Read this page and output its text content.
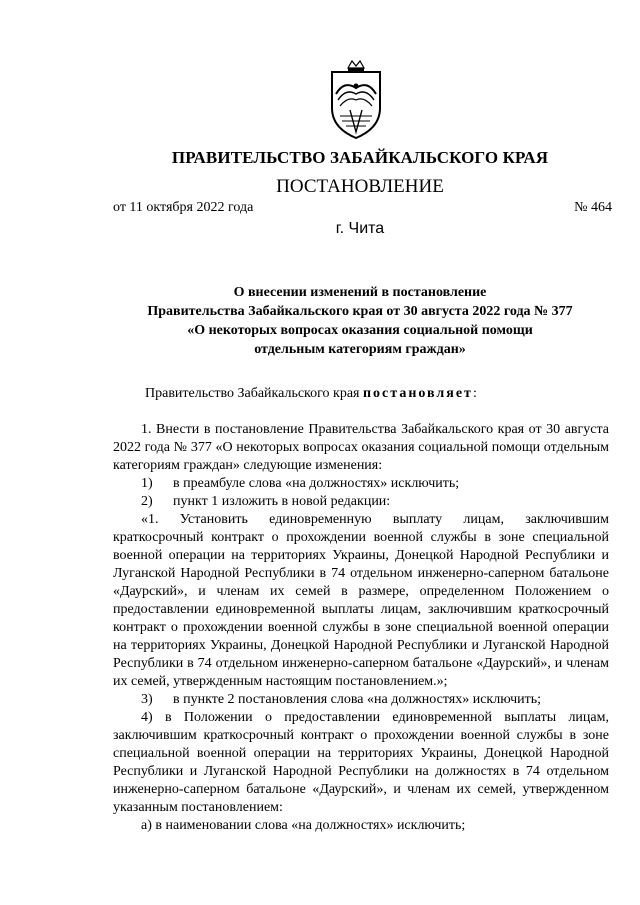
ПРАВИТЕЛЬСТВО ЗАБАЙКАЛЬСКОГО КРАЯ
ПОСТАНОВЛЕНИЕ
от 11 октября 2022 года	№ 464
г. Чита
О внесении изменений в постановление
Правительства Забайкальского края от 30 августа 2022 года № 377
«О некоторых вопросах оказания социальной помощи
отдельным категориям граждан»

Правительство Забайкальского края постановляет:

1. Внести в постановление Правительства Забайкальского края от 30 августа 2022 года № 377 «О некоторых вопросах оказания социальной помощи отдельным категориям граждан» следующие изменения:

1) в преамбуле слова «на должностях» исключить;

2) пункт 1 изложить в новой редакции:

«1. Установить единовременную выплату лицам, заключившим краткосрочный контракт о прохождении военной службы в зоне специальной военной операции на территориях Украины, Донецкой Народной Республики и Луганской Народной Республики в 74 отдельном инженерно-саперном батальоне «Даурский», и членам их семей в размере, определенном Положением о предоставлении единовременной выплаты лицам, заключившим краткосрочный контракт о прохождении военной службы в зоне специальной военной операции на территориях Украины, Донецкой Народной Республики и Луганской Народной Республики в 74 отдельном инженерно-саперном батальоне «Даурский», и членам их семей, утвержденным настоящим постановлением.»;

3) в пункте 2 постановления слова «на должностях» исключить;

4) в Положении о предоставлении единовременной выплаты лицам, заключившим краткосрочный контракт о прохождении военной службы в зоне специальной военной операции на территориях Украины, Донецкой Народной Республики и Луганской Народной Республики на должностях в 74 отдельном инженерно-саперном батальоне «Даурский», и членам их семей, утвержденном указанным постановлением:

а) в наименовании слова «на должностях» исключить;
